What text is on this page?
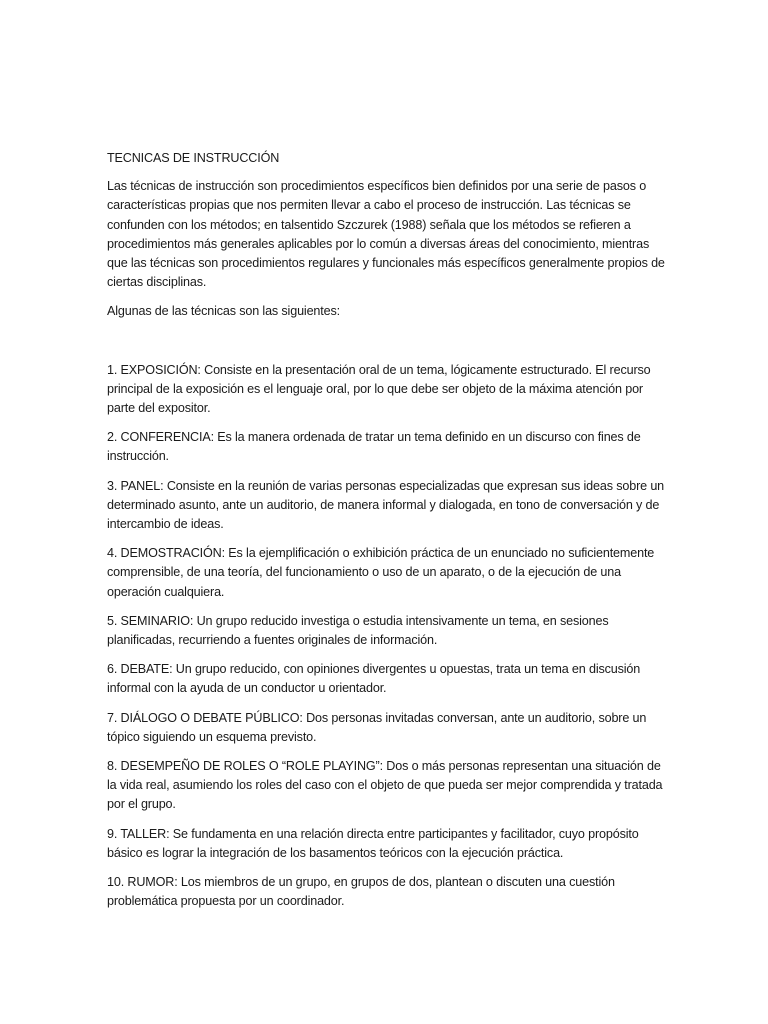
TECNICAS DE INSTRUCCIÓN

Las técnicas de instrucción son procedimientos específicos bien definidos por una serie de pasos o características propias que nos permiten llevar a cabo el proceso de instrucción. Las técnicas se confunden con los métodos; en talsentido Szczurek (1988) señala que los métodos se refieren a procedimientos más generales aplicables por lo común a diversas áreas del conocimiento, mientras que las técnicas son procedimientos regulares y funcionales más específicos generalmente propios de ciertas disciplinas.

Algunas de las técnicas son las siguientes:

1. EXPOSICIÓN: Consiste en la presentación oral de un tema, lógicamente estructurado. El recurso principal de la exposición es el lenguaje oral, por lo que debe ser objeto de la máxima atención por parte del expositor.

2. CONFERENCIA: Es la manera ordenada de tratar un tema definido en un discurso con fines de instrucción.

3. PANEL: Consiste en la reunión de varias personas especializadas que expresan sus ideas sobre un determinado asunto, ante un auditorio, de manera informal y dialogada, en tono de conversación y de intercambio de ideas.

4. DEMOSTRACIÓN: Es la ejemplificación o exhibición práctica de un enunciado no suficientemente comprensible, de una teoría, del funcionamiento o uso de un aparato, o de la ejecución de una operación cualquiera.

5. SEMINARIO: Un grupo reducido investiga o estudia intensivamente un tema, en sesiones planificadas, recurriendo a fuentes originales de información.

6. DEBATE: Un grupo reducido, con opiniones divergentes u opuestas, trata un tema en discusión informal con la ayuda de un conductor u orientador.

7. DIÁLOGO O DEBATE PÚBLICO: Dos personas invitadas conversan, ante un auditorio, sobre un tópico siguiendo un esquema previsto.

8. DESEMPEÑO DE ROLES O “ROLE PLAYING”: Dos o más personas representan una situación de la vida real, asumiendo los roles del caso con el objeto de que pueda ser mejor comprendida y tratada por el grupo.

9. TALLER: Se fundamenta en una relación directa entre participantes y facilitador, cuyo propósito básico es lograr la integración de los basamentos teóricos con la ejecución práctica.

10. RUMOR: Los miembros de un grupo, en grupos de dos, plantean o discuten una cuestión problemática propuesta por un coordinador.
